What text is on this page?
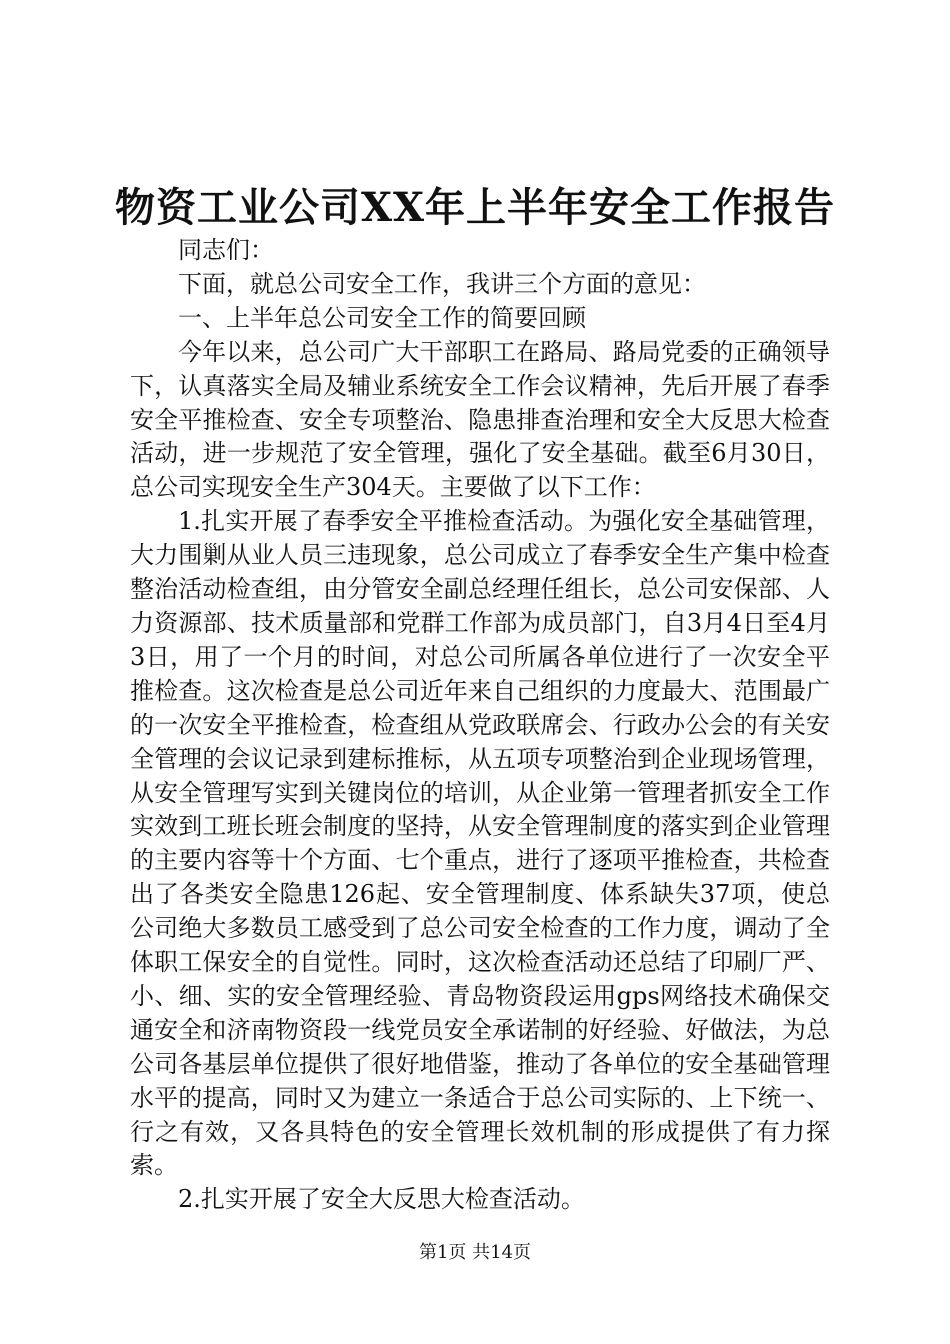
物资工业公司XX年上半年安全工作报告

同志们：

下面，就总公司安全工作，我讲三个方面的意见：

一、上半年总公司安全工作的简要回顾

今年以来，总公司广大干部职工在路局、路局党委的正确领导下，认真落实全局及辅业系统安全工作会议精神，先后开展了春季安全平推检查、安全专项整治、隐患排查治理和安全大反思大检查活动，进一步规范了安全管理，强化了安全基础。截至6月30日，总公司实现安全生产304天。主要做了以下工作：

1.扎实开展了春季安全平推检查活动。为强化安全基础管理，大力围剿从业人员三违现象，总公司成立了春季安全生产集中检查整治活动检查组，由分管安全副总经理任组长，总公司安保部、人力资源部、技术质量部和党群工作部为成员部门，自3月4日至4月3日，用了一个月的时间，对总公司所属各单位进行了一次安全平推检查。这次检查是总公司近年来自己组织的力度最大、范围最广的一次安全平推检查，检查组从党政联席会、行政办公会的有关安全管理的会议记录到建标推标，从五项专项整治到企业现场管理，从安全管理写实到关键岗位的培训，从企业第一管理者抓安全工作实效到工班长班会制度的坚持，从安全管理制度的落实到企业管理的主要内容等十个方面、七个重点，进行了逐项平推检查，共检查出了各类安全隐患126起、安全管理制度、体系缺失37项，使总公司绝大多数员工感受到了总公司安全检查的工作力度，调动了全体职工保安全的自觉性。同时，这次检查活动还总结了印刷厂严、小、细、实的安全管理经验、青岛物资段运用gps网络技术确保交通安全和济南物资段一线党员安全承诺制的好经验、好做法，为总公司各基层单位提供了很好地借鉴，推动了各单位的安全基础管理水平的提高，同时又为建立一条适合于总公司实际的、上下统一、行之有效，又各具特色的安全管理长效机制的形成提供了有力探索。

2.扎实开展了安全大反思大检查活动。

第1页 共14页
